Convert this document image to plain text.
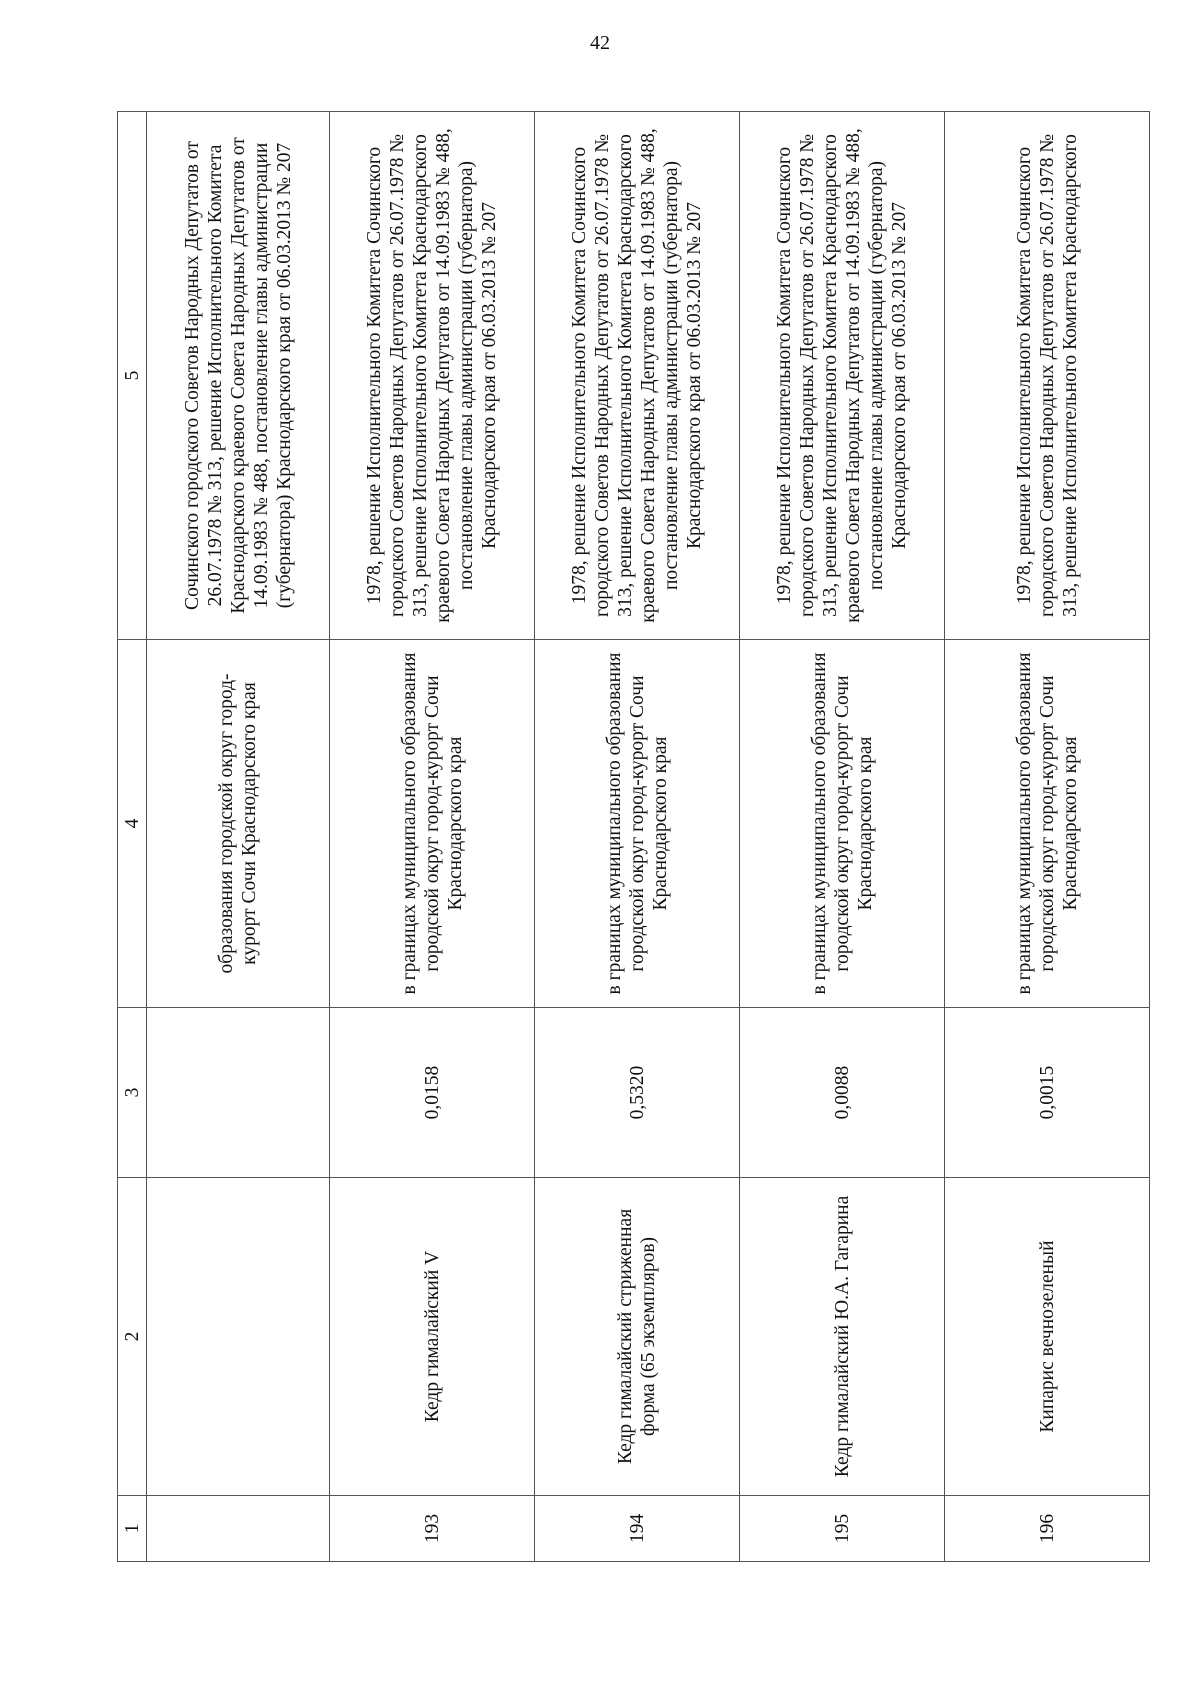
42
1	2	3	4	5
			образования городской округ город-курорт Сочи Краснодарского края	Сочинского городского Советов Народных Депутатов от 26.07.1978 № 313, решение Исполнительного Комитета Краснодарского краевого Совета Народных Депутатов от 14.09.1983 № 488, постановление главы администрации (губернатора) Краснодарского края от 06.03.2013 № 207
193	Кедр гималайский V	0,0158	в границах муниципального образования городской округ город-курорт Сочи Краснодарского края	1978, решение Исполнительного Комитета Сочинского городского Советов Народных Депутатов от 26.07.1978 № 313, решение Исполнительного Комитета Краснодарского краевого Совета Народных Депутатов от 14.09.1983 № 488, постановление главы администрации (губернатора) Краснодарского края от 06.03.2013 № 207
194	Кедр гималайский стриженная форма (65 экземпляров)	0,5320	в границах муниципального образования городской округ город-курорт Сочи Краснодарского края	1978, решение Исполнительного Комитета Сочинского городского Советов Народных Депутатов от 26.07.1978 № 313, решение Исполнительного Комитета Краснодарского краевого Совета Народных Депутатов от 14.09.1983 № 488, постановление главы администрации (губернатора) Краснодарского края от 06.03.2013 № 207
195	Кедр гималайский Ю.А. Гагарина	0,0088	в границах муниципального образования городской округ город-курорт Сочи Краснодарского края	1978, решение Исполнительного Комитета Сочинского городского Советов Народных Депутатов от 26.07.1978 № 313, решение Исполнительного Комитета Краснодарского краевого Совета Народных Депутатов от 14.09.1983 № 488, постановление главы администрации (губернатора) Краснодарского края от 06.03.2013 № 207
196	Кипарис вечнозеленый	0,0015	в границах муниципального образования городской округ город-курорт Сочи Краснодарского края	1978, решение Исполнительного Комитета Сочинского городского Советов Народных Депутатов от 26.07.1978 № 313, решение Исполнительного Комитета Краснодарского
